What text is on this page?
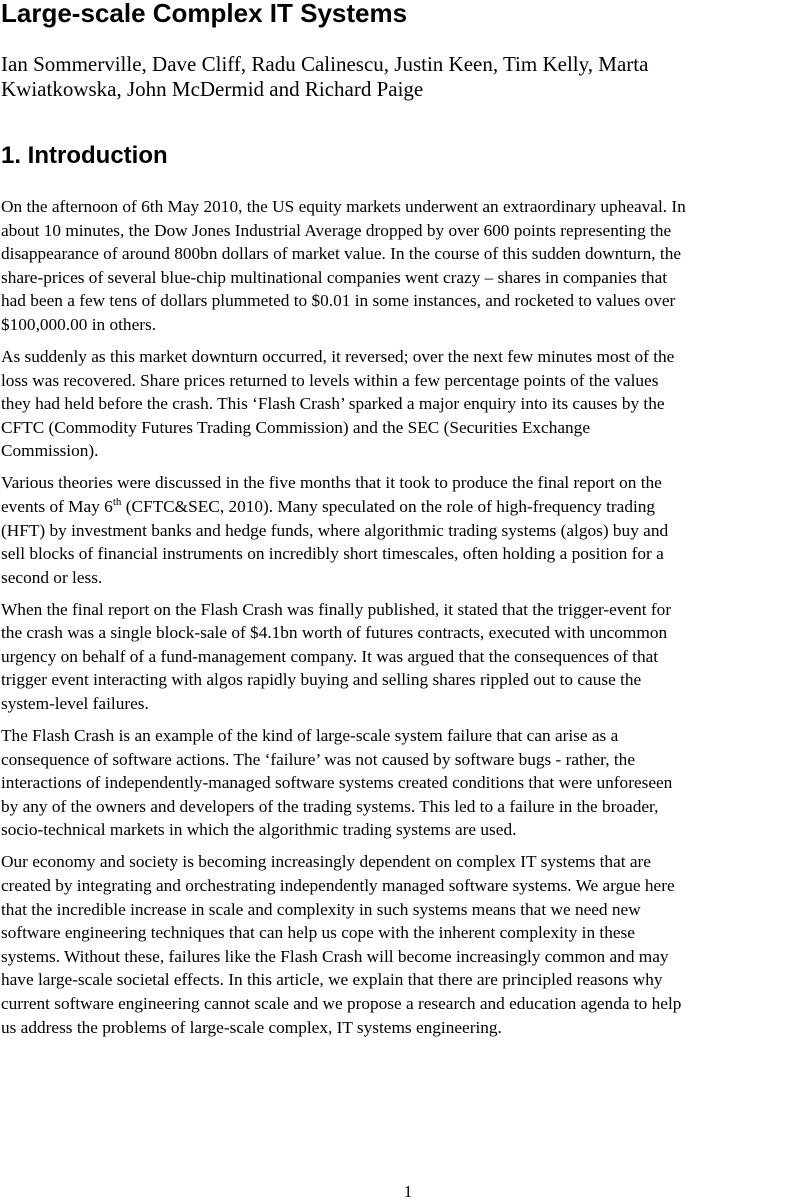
Large-scale Complex IT Systems
Ian Sommerville, Dave Cliff, Radu Calinescu, Justin Keen, Tim Kelly, Marta
Kwiatkowska, John McDermid and Richard Paige
1. Introduction

On the afternoon of 6th May 2010, the US equity markets underwent an extraordinary upheaval. In
about 10 minutes, the Dow Jones Industrial Average dropped by over 600 points representing the
disappearance of around 800bn dollars of market value. In the course of this sudden downturn, the
share-prices of several blue-chip multinational companies went crazy – shares in companies that
had been a few tens of dollars plummeted to $0.01 in some instances, and rocketed to values over
$100,000.00 in others.

As suddenly as this market downturn occurred, it reversed; over the next few minutes most of the
loss was recovered. Share prices returned to levels within a few percentage points of the values
they had held before the crash. This ‘Flash Crash’ sparked a major enquiry into its causes by the
CFTC (Commodity Futures Trading Commission) and the SEC (Securities Exchange
Commission).

Various theories were discussed in the five months that it took to produce the final report on the
events of May 6th (CFTC&SEC, 2010). Many speculated on the role of high-frequency trading
(HFT) by investment banks and hedge funds, where algorithmic trading systems (algos) buy and
sell blocks of financial instruments on incredibly short timescales, often holding a position for a
second or less.

When the final report on the Flash Crash was finally published, it stated that the trigger-event for
the crash was a single block-sale of $4.1bn worth of futures contracts, executed with uncommon
urgency on behalf of a fund-management company. It was argued that the consequences of that
trigger event interacting with algos rapidly buying and selling shares rippled out to cause the
system-level failures.

The Flash Crash is an example of the kind of large-scale system failure that can arise as a
consequence of software actions. The ‘failure’ was not caused by software bugs - rather, the
interactions of independently-managed software systems created conditions that were unforeseen
by any of the owners and developers of the trading systems. This led to a failure in the broader,
socio-technical markets in which the algorithmic trading systems are used.

Our economy and society is becoming increasingly dependent on complex IT systems that are
created by integrating and orchestrating independently managed software systems. We argue here
that the incredible increase in scale and complexity in such systems means that we need new
software engineering techniques that can help us cope with the inherent complexity in these
systems. Without these, failures like the Flash Crash will become increasingly common and may
have large-scale societal effects. In this article, we explain that there are principled reasons why
current software engineering cannot scale and we propose a research and education agenda to help
us address the problems of large-scale complex, IT systems engineering.

1
